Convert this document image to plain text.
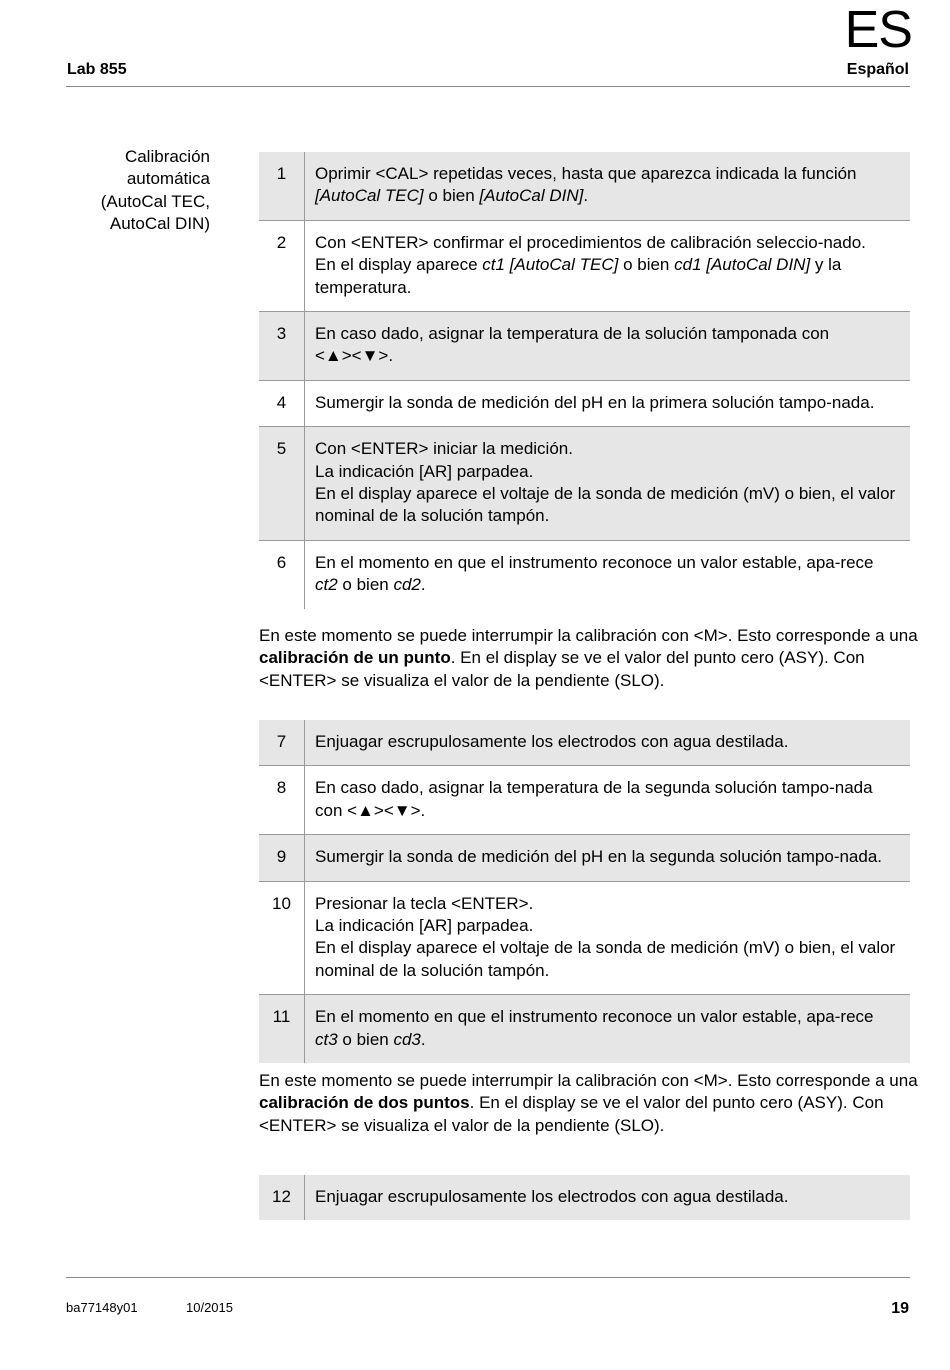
ES
Lab 855	Español
Calibración
automática
(AutoCal TEC,
AutoCal DIN)
1	Oprimir <CAL> repetidas veces, hasta que aparezca indicada la función [AutoCal TEC] o bien [AutoCal DIN].
2	Con <ENTER> confirmar el procedimientos de calibración seleccio-nado.
En el display aparece ct1 [AutoCal TEC] o bien cd1 [AutoCal DIN] y la temperatura.
3	En caso dado, asignar la temperatura de la solución tamponada con
<▲><▼>.
4	Sumergir la sonda de medición del pH en la primera solución tampo-nada.
5	Con <ENTER> iniciar la medición.
La indicación [AR] parpadea.
En el display aparece el voltaje de la sonda de medición (mV) o bien, el valor nominal de la solución tampón.
6	En el momento en que el instrumento reconoce un valor estable, apa-rece ct2 o bien cd2.
En este momento se puede interrumpir la calibración con <M>. Esto corresponde a una calibración de un punto. En el display se ve el valor del punto cero (ASY). Con <ENTER> se visualiza el valor de la pendiente (SLO).
7	Enjuagar escrupulosamente los electrodos con agua destilada.
8	En caso dado, asignar la temperatura de la segunda solución tampo-nada con <▲><▼>.
9	Sumergir la sonda de medición del pH en la segunda solución tampo-nada.
10	Presionar la tecla <ENTER>.
La indicación [AR] parpadea.
En el display aparece el voltaje de la sonda de medición (mV) o bien, el valor nominal de la solución tampón.
11	En el momento en que el instrumento reconoce un valor estable, apa-rece ct3 o bien cd3.
En este momento se puede interrumpir la calibración con <M>. Esto corresponde a una calibración de dos puntos. En el display se ve el valor del punto cero (ASY). Con <ENTER> se visualiza el valor de la pendiente (SLO).
12	Enjuagar escrupulosamente los electrodos con agua destilada.
ba77148y01	10/2015	19
